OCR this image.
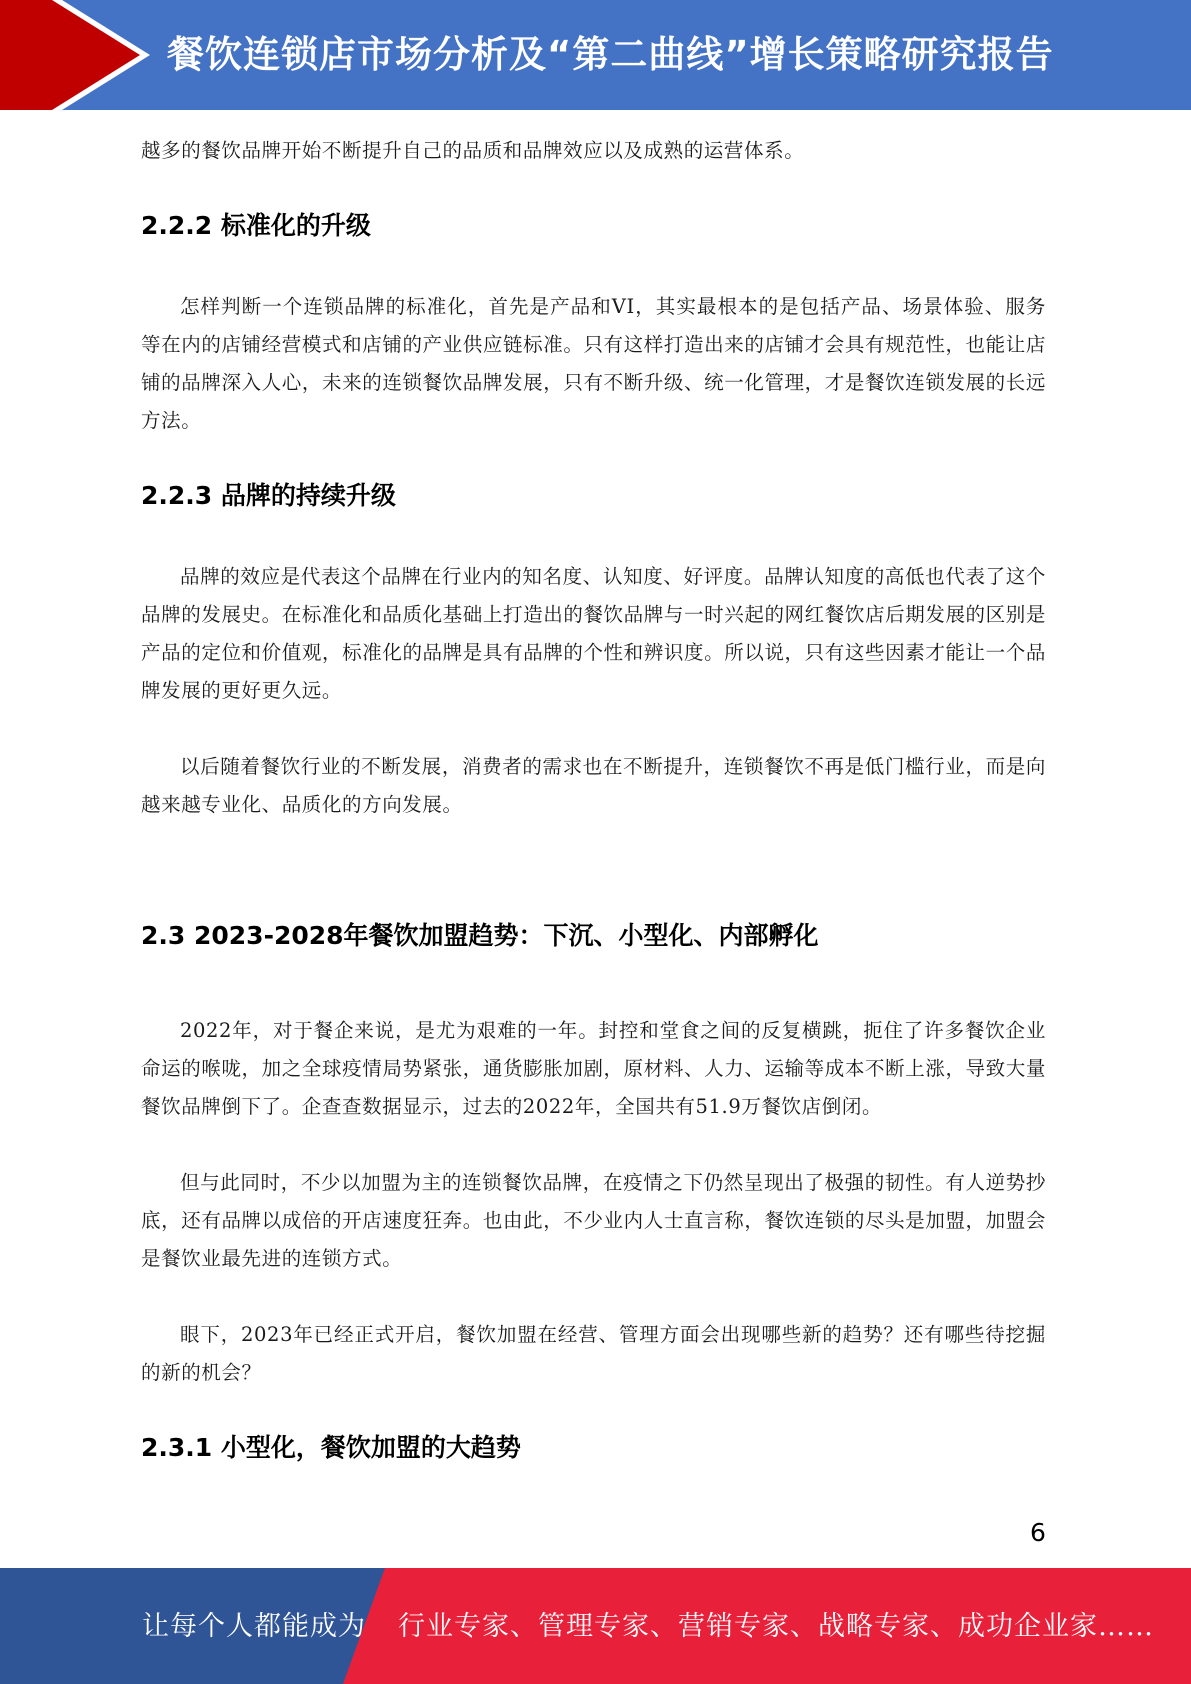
餐饮连锁店市场分析及“第二曲线”增长策略研究报告

越多的餐饮品牌开始不断提升自己的品质和品牌效应以及成熟的运营体系。

2.2.2 标准化的升级

怎样判断一个连锁品牌的标准化，首先是产品和VI，其实最根本的是包括产品、场景体验、服务等在内的店铺经营模式和店铺的产业供应链标准。只有这样打造出来的店铺才会具有规范性，也能让店铺的品牌深入人心，未来的连锁餐饮品牌发展，只有不断升级、统一化管理，才是餐饮连锁发展的长远方法。

2.2.3 品牌的持续升级

品牌的效应是代表这个品牌在行业内的知名度、认知度、好评度。品牌认知度的高低也代表了这个品牌的发展史。在标准化和品质化基础上打造出的餐饮品牌与一时兴起的网红餐饮店后期发展的区别是产品的定位和价值观，标准化的品牌是具有品牌的个性和辨识度。所以说，只有这些因素才能让一个品牌发展的更好更久远。

以后随着餐饮行业的不断发展，消费者的需求也在不断提升，连锁餐饮不再是低门槛行业，而是向越来越专业化、品质化的方向发展。

2.3 2023-2028年餐饮加盟趋势：下沉、小型化、内部孵化

2022年，对于餐企来说，是尤为艰难的一年。封控和堂食之间的反复横跳，扼住了许多餐饮企业命运的喉咙，加之全球疫情局势紧张，通货膨胀加剧，原材料、人力、运输等成本不断上涨，导致大量餐饮品牌倒下了。企查查数据显示，过去的2022年，全国共有51.9万餐饮店倒闭。

但与此同时，不少以加盟为主的连锁餐饮品牌，在疫情之下仍然呈现出了极强的韧性。有人逆势抄底，还有品牌以成倍的开店速度狂奔。也由此，不少业内人士直言称，餐饮连锁的尽头是加盟，加盟会是餐饮业最先进的连锁方式。

眼下，2023年已经正式开启，餐饮加盟在经营、管理方面会出现哪些新的趋势？还有哪些待挖掘的新的机会？

2.3.1 小型化，餐饮加盟的大趋势
6
让每个人都能成为 行业专家、管理专家、营销专家、战略专家、成功企业家……
